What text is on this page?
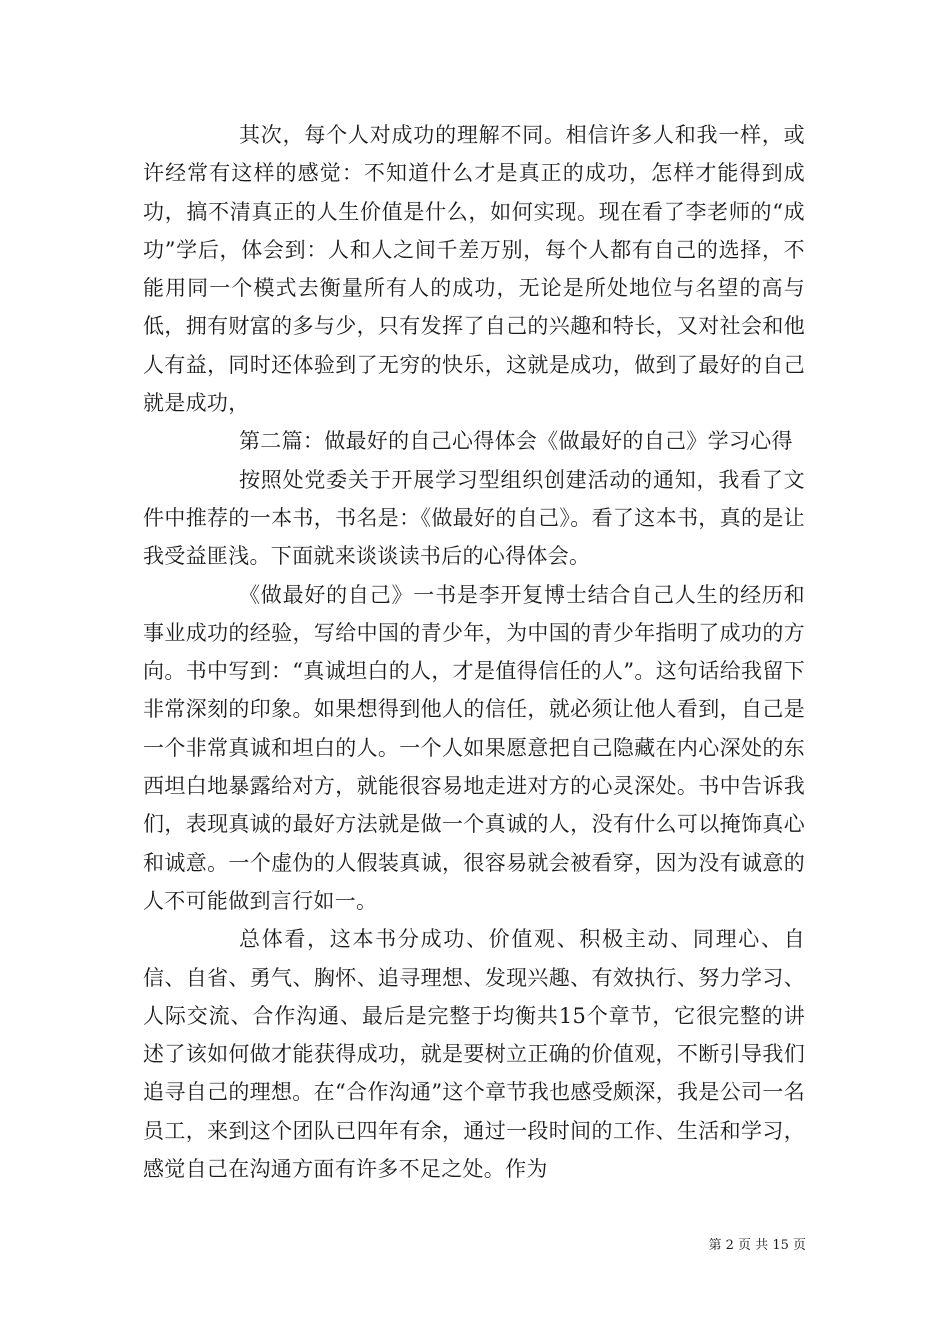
其次，每个人对成功的理解不同。相信许多人和我一样，或许经常有这样的感觉：不知道什么才是真正的成功，怎样才能得到成功，搞不清真正的人生价值是什么，如何实现。现在看了李老师的“成功”学后，体会到：人和人之间千差万别，每个人都有自己的选择，不能用同一个模式去衡量所有人的成功，无论是所处地位与名望的高与低，拥有财富的多与少，只有发挥了自己的兴趣和特长，又对社会和他人有益，同时还体验到了无穷的快乐，这就是成功，做到了最好的自己就是成功，

第二篇：做最好的自己心得体会《做最好的自己》学习心得

按照处党委关于开展学习型组织创建活动的通知，我看了文件中推荐的一本书，书名是：《做最好的自己》。看了这本书，真的是让我受益匪浅。下面就来谈谈读书后的心得体会。

《做最好的自己》一书是李开复博士结合自己人生的经历和事业成功的经验，写给中国的青少年，为中国的青少年指明了成功的方向。书中写到：“真诚坦白的人，才是值得信任的人”。这句话给我留下非常深刻的印象。如果想得到他人的信任，就必须让他人看到，自己是一个非常真诚和坦白的人。一个人如果愿意把自己隐藏在内心深处的东西坦白地暴露给对方，就能很容易地走进对方的心灵深处。书中告诉我们，表现真诚的最好方法就是做一个真诚的人，没有什么可以掩饰真心和诚意。一个虚伪的人假装真诚，很容易就会被看穿，因为没有诚意的人不可能做到言行如一。

总体看，这本书分成功、价值观、积极主动、同理心、自信、自省、勇气、胸怀、追寻理想、发现兴趣、有效执行、努力学习、人际交流、合作沟通、最后是完整于均衡共15个章节，它很完整的讲述了该如何做才能获得成功，就是要树立正确的价值观，不断引导我们追寻自己的理想。在“合作沟通”这个章节我也感受颇深，我是公司一名员工，来到这个团队已四年有余，通过一段时间的工作、生活和学习，感觉自己在沟通方面有许多不足之处。作为

第 2 页 共 15 页
